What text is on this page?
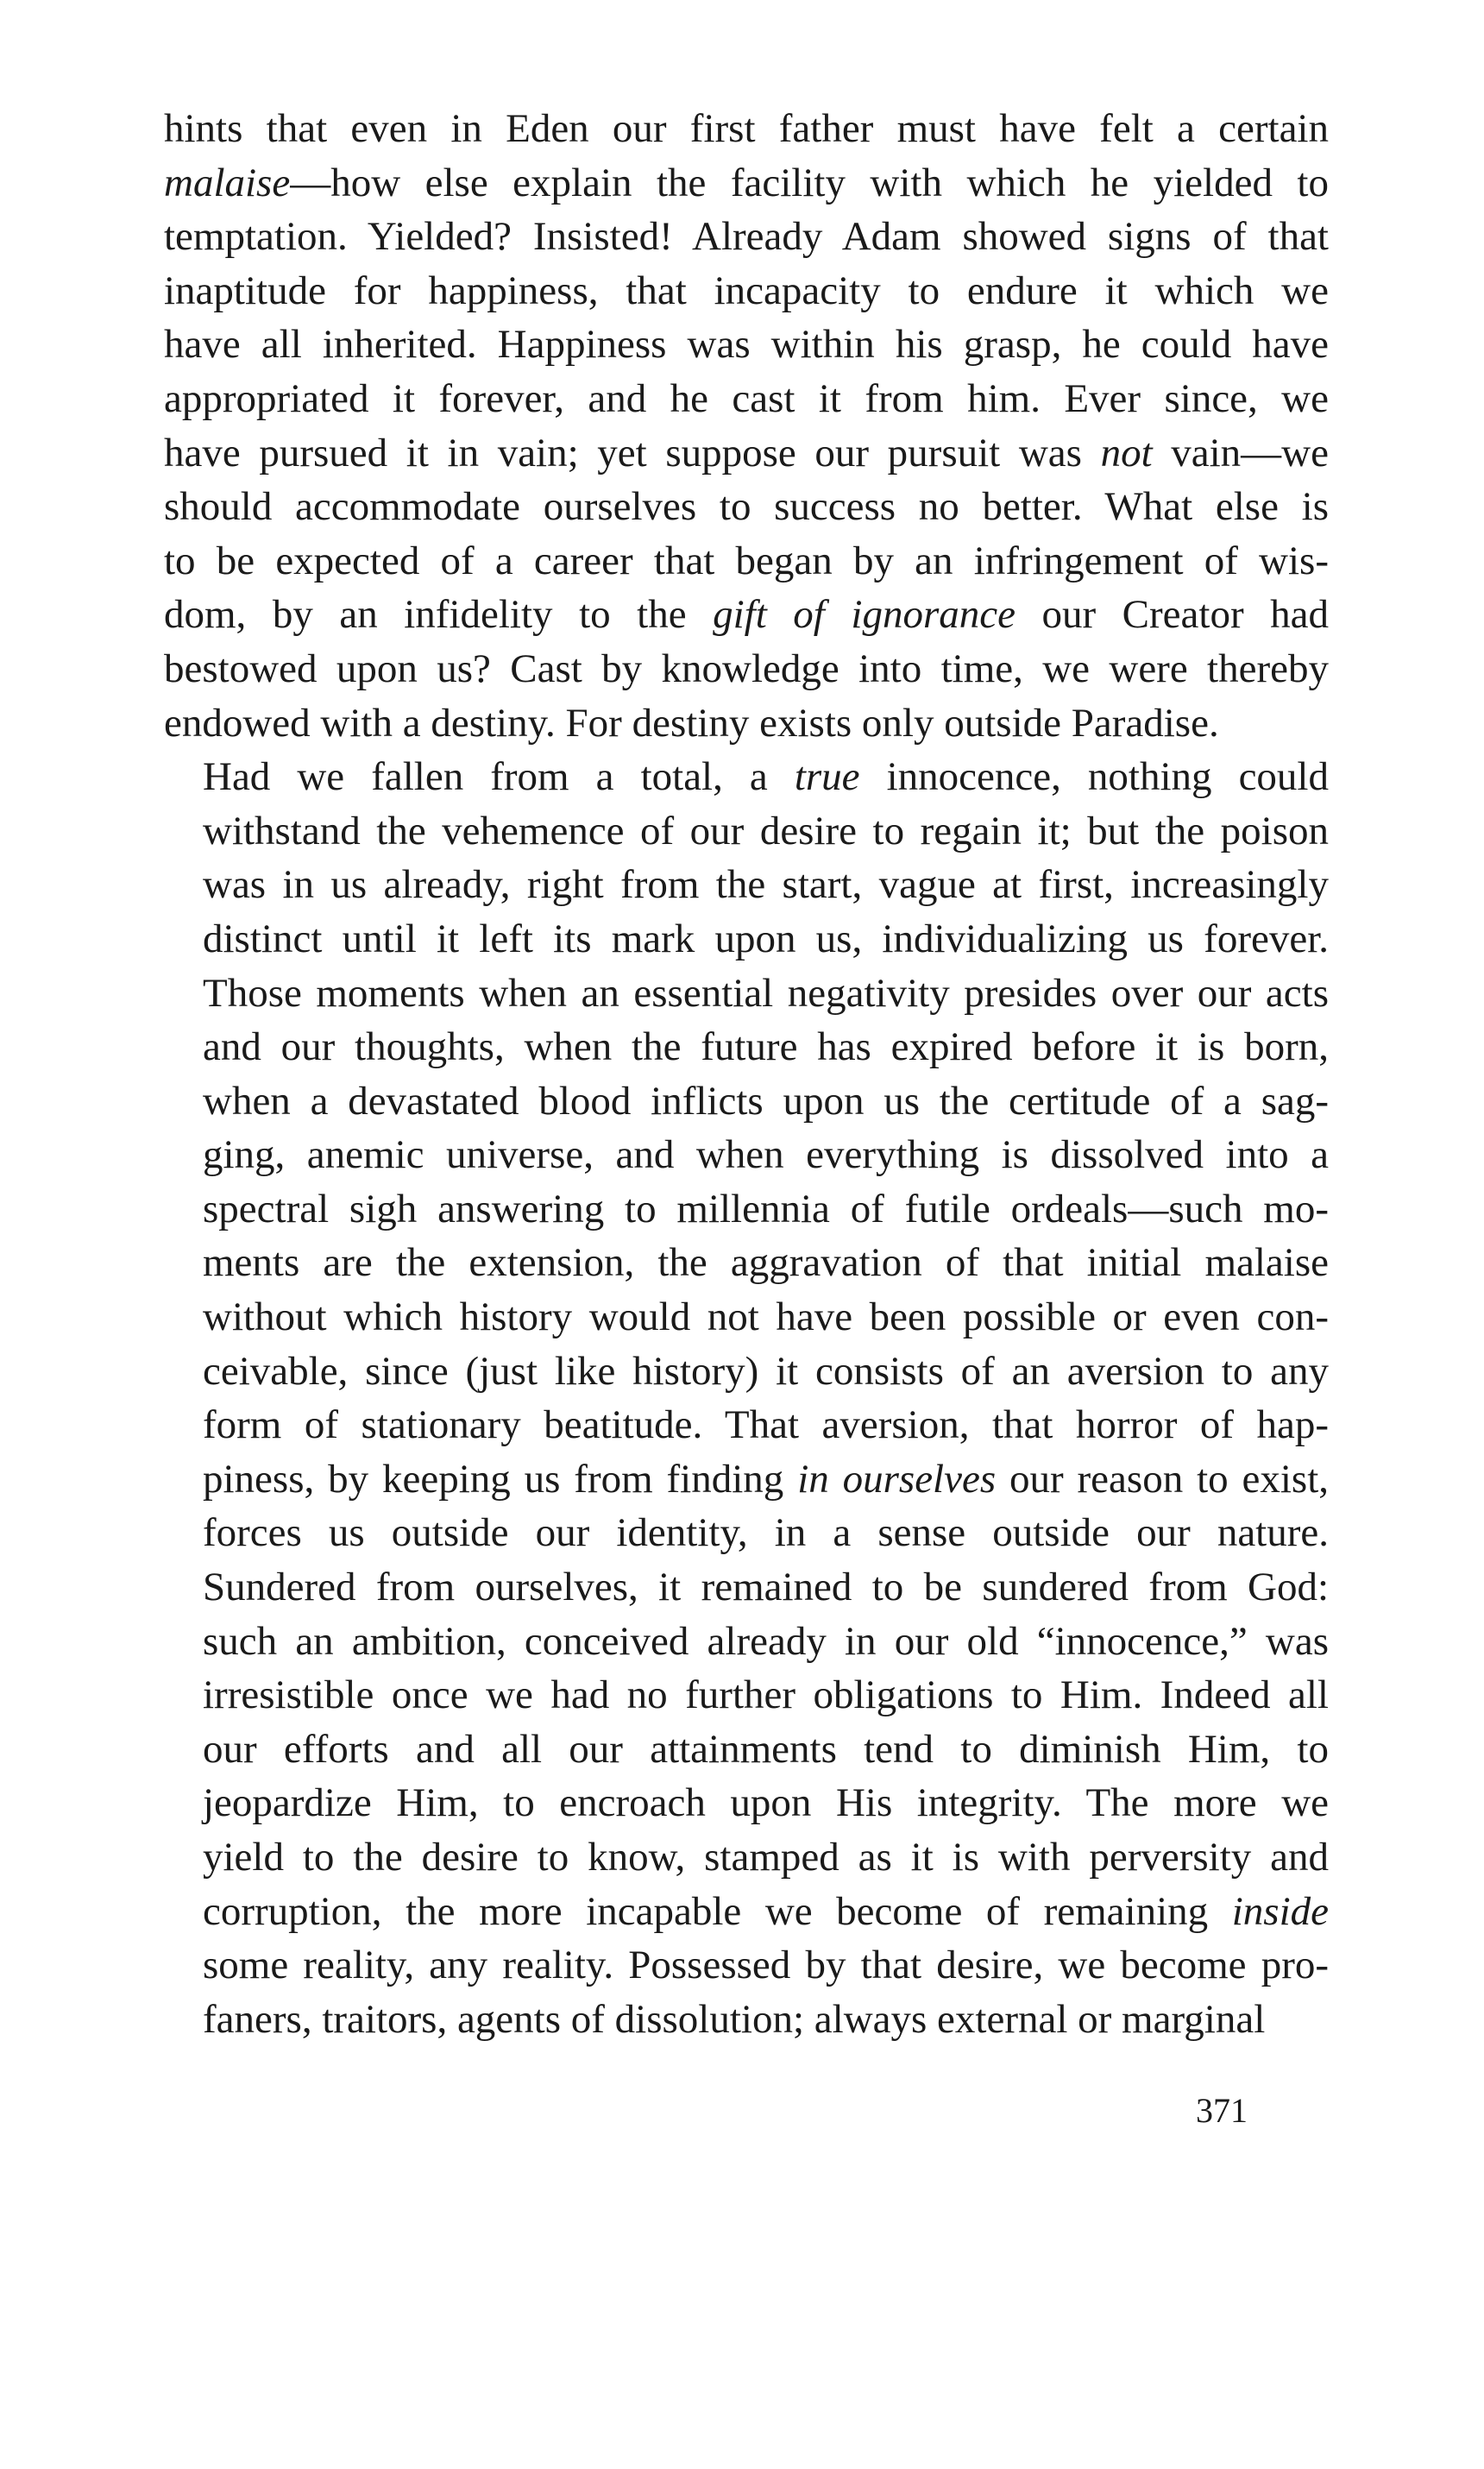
hints that even in Eden our first father must have felt a certain
malaise—how else explain the facility with which he yielded to
temptation. Yielded? Insisted! Already Adam showed signs of that
inaptitude for happiness, that incapacity to endure it which we
have all inherited. Happiness was within his grasp, he could have
appropriated it forever, and he cast it from him. Ever since, we
have pursued it in vain; yet suppose our pursuit was not vain—we
should accommodate ourselves to success no better. What else is
to be expected of a career that began by an infringement of wis-
dom, by an infidelity to the gift of ignorance our Creator had
bestowed upon us? Cast by knowledge into time, we were thereby
endowed with a destiny. For destiny exists only outside Paradise.
Had we fallen from a total, a true innocence, nothing could
withstand the vehemence of our desire to regain it; but the poison
was in us already, right from the start, vague at first, increasingly
distinct until it left its mark upon us, individualizing us forever.
Those moments when an essential negativity presides over our acts
and our thoughts, when the future has expired before it is born,
when a devastated blood inflicts upon us the certitude of a sag-
ging, anemic universe, and when everything is dissolved into a
spectral sigh answering to millennia of futile ordeals—such mo-
ments are the extension, the aggravation of that initial malaise
without which history would not have been possible or even con-
ceivable, since (just like history) it consists of an aversion to any
form of stationary beatitude. That aversion, that horror of hap-
piness, by keeping us from finding in ourselves our reason to exist,
forces us outside our identity, in a sense outside our nature.
Sundered from ourselves, it remained to be sundered from God:
such an ambition, conceived already in our old “innocence,” was
irresistible once we had no further obligations to Him. Indeed all
our efforts and all our attainments tend to diminish Him, to
jeopardize Him, to encroach upon His integrity. The more we
yield to the desire to know, stamped as it is with perversity and
corruption, the more incapable we become of remaining inside
some reality, any reality. Possessed by that desire, we become pro-
faners, traitors, agents of dissolution; always external or marginal
371
